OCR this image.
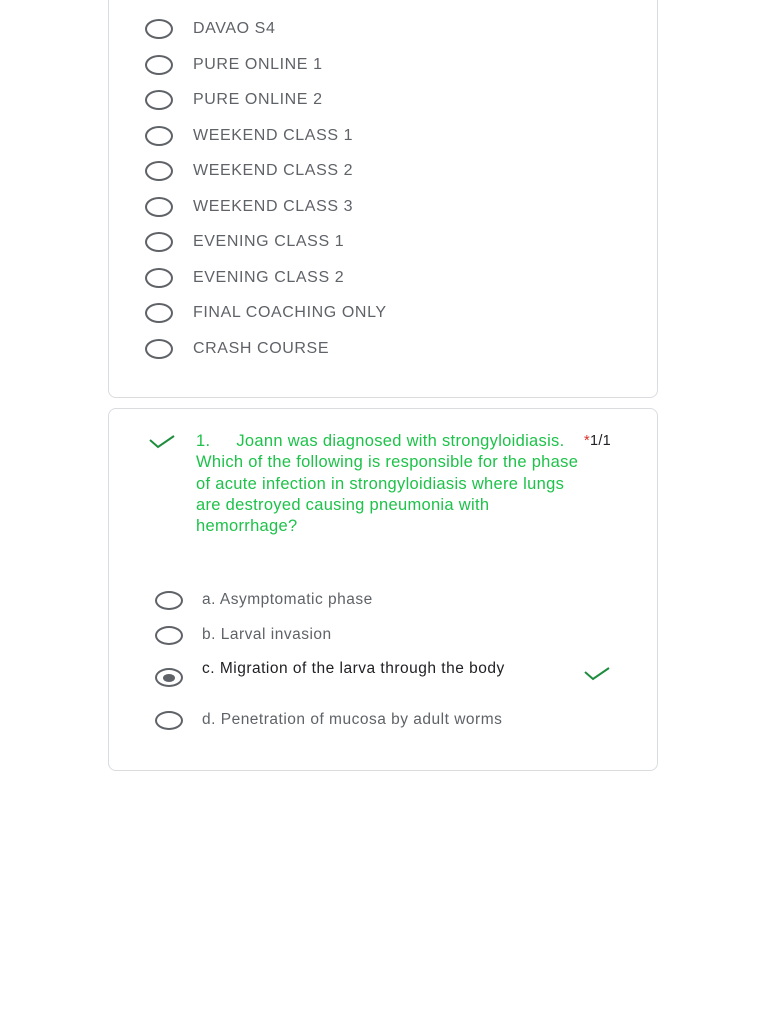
DAVAO S4
PURE ONLINE 1
PURE ONLINE 2
WEEKEND CLASS 1
WEEKEND CLASS 2
WEEKEND CLASS 3
EVENING CLASS 1
EVENING CLASS 2
FINAL COACHING ONLY
CRASH COURSE
1. Joann was diagnosed with strongyloidiasis. Which of the following is responsible for the phase of acute infection in strongyloidiasis where lungs are destroyed causing pneumonia with hemorrhage?
*1/1
a. Asymptomatic phase
b. Larval invasion
c. Migration of the larva through the body
d. Penetration of mucosa by adult worms
